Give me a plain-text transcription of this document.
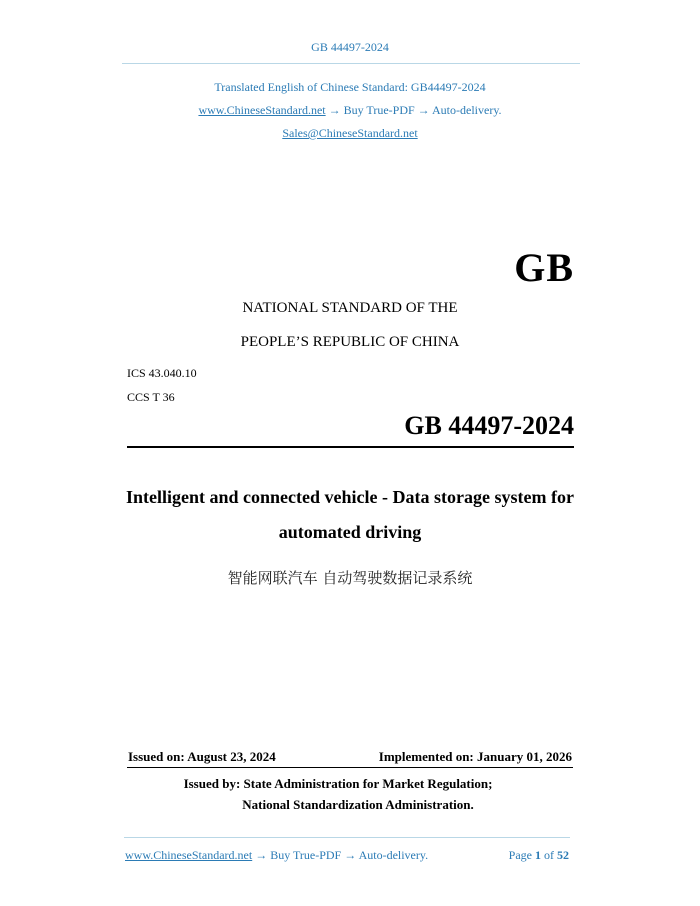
GB 44497-2024
Translated English of Chinese Standard: GB44497-2024
www.ChineseStandard.net → Buy True-PDF → Auto-delivery.
Sales@ChineseStandard.net
GB
NATIONAL STANDARD OF THE
PEOPLE’S REPUBLIC OF CHINA
ICS 43.040.10
CCS T 36
GB 44497-2024
Intelligent and connected vehicle - Data storage system for
automated driving
智能网联汽车 自动驾驶数据记录系统
Issued on: August 23, 2024	Implemented on: January 01, 2026
Issued by: State Administration for Market Regulation;
National Standardization Administration.
www.ChineseStandard.net → Buy True-PDF → Auto-delivery.	Page 1 of 52
